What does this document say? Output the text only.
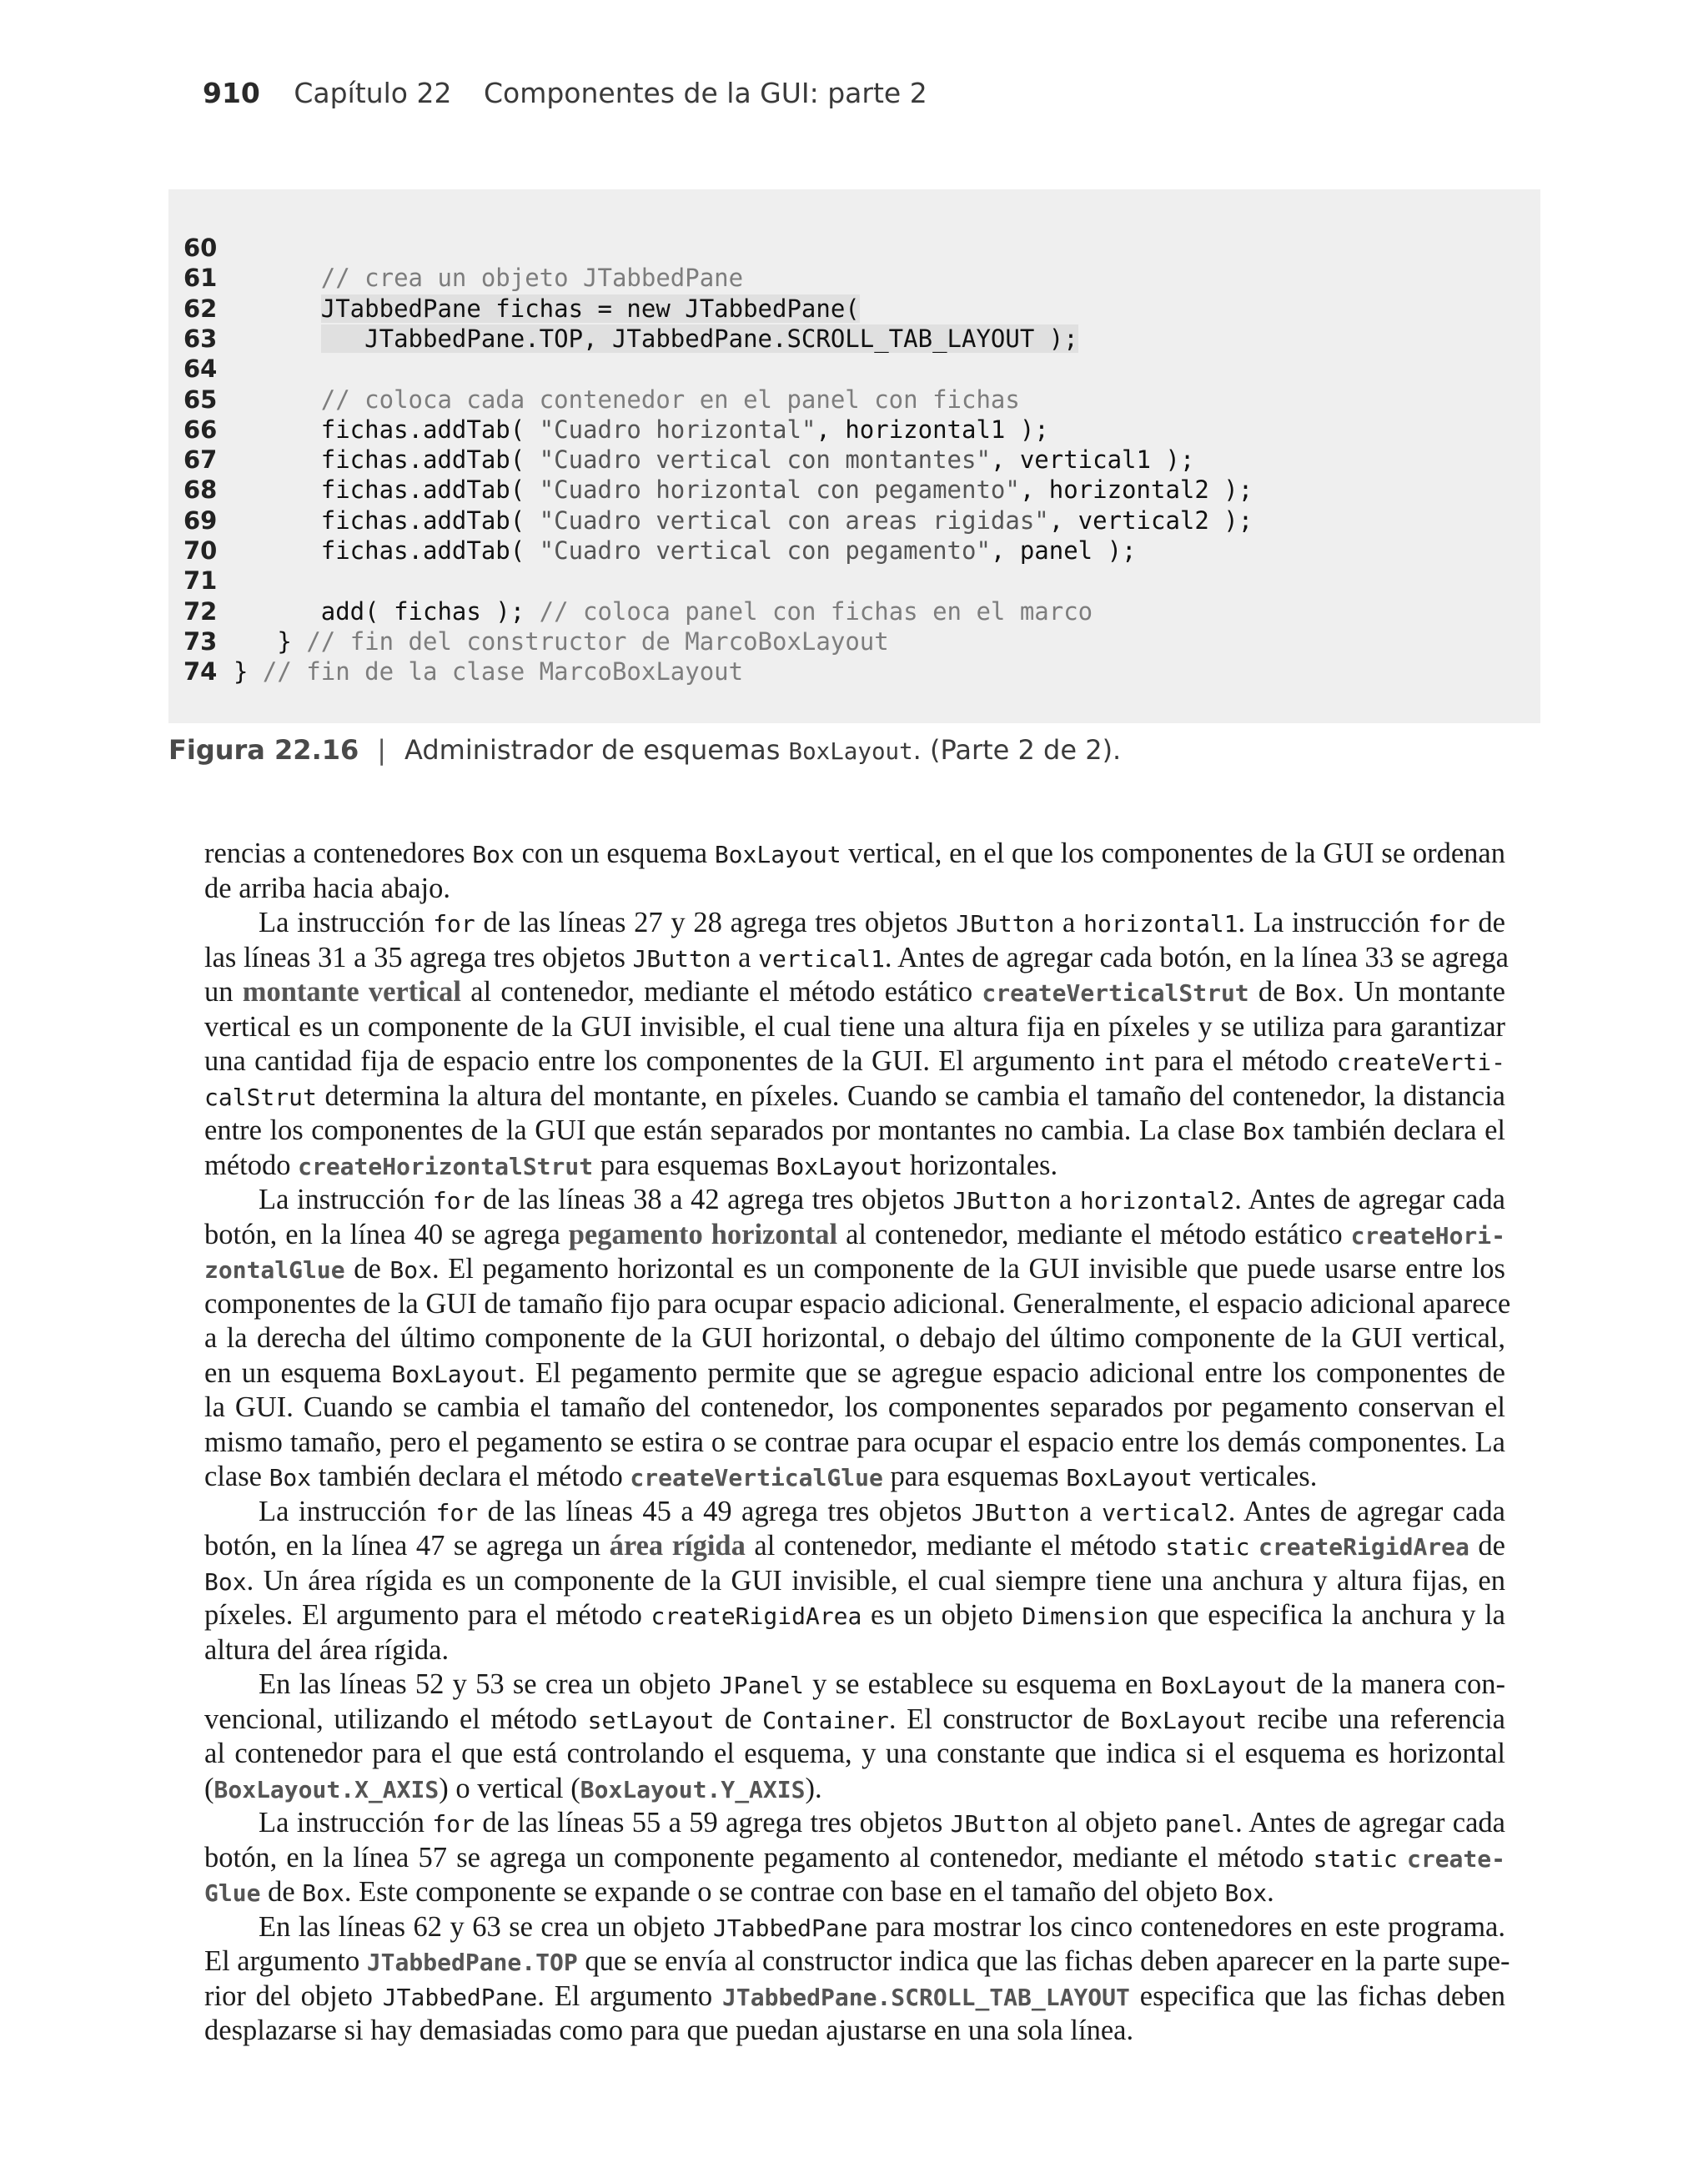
910 Capítulo 22 Componentes de la GUI: parte 2
60
61	// crea un objeto JTabbedPane
62	JTabbedPane fichas = new JTabbedPane(
63	JTabbedPane.TOP, JTabbedPane.SCROLL_TAB_LAYOUT );
64
65	// coloca cada contenedor en el panel con fichas
66	fichas.addTab( "Cuadro horizontal", horizontal1 );
67	fichas.addTab( "Cuadro vertical con montantes", vertical1 );
68	fichas.addTab( "Cuadro horizontal con pegamento", horizontal2 );
69	fichas.addTab( "Cuadro vertical con areas rigidas", vertical2 );
70	fichas.addTab( "Cuadro vertical con pegamento", panel );
71
72	add( fichas ); // coloca panel con fichas en el marco
73 } // fin del constructor de MarcoBoxLayout
74 } // fin de la clase MarcoBoxLayout
Figura 22.16 | Administrador de esquemas BoxLayout. (Parte 2 de 2).
rencias a contenedores Box con un esquema BoxLayout vertical, en el que los componentes de la GUI se ordenan
de arriba hacia abajo.
La instrucción for de las líneas 27 y 28 agrega tres objetos JButton a horizontal1. La instrucción for de
las líneas 31 a 35 agrega tres objetos JButton a vertical1. Antes de agregar cada botón, en la línea 33 se agrega
un montante vertical al contenedor, mediante el método estático createVerticalStrut de Box. Un montante
vertical es un componente de la GUI invisible, el cual tiene una altura fija en píxeles y se utiliza para garantizar
una cantidad fija de espacio entre los componentes de la GUI. El argumento int para el método createVerti-
calStrut determina la altura del montante, en píxeles. Cuando se cambia el tamaño del contenedor, la distancia
entre los componentes de la GUI que están separados por montantes no cambia. La clase Box también declara el
método createHorizontalStrut para esquemas BoxLayout horizontales.
La instrucción for de las líneas 38 a 42 agrega tres objetos JButton a horizontal2. Antes de agregar cada
botón, en la línea 40 se agrega pegamento horizontal al contenedor, mediante el método estático createHori-
zontalGlue de Box. El pegamento horizontal es un componente de la GUI invisible que puede usarse entre los
componentes de la GUI de tamaño fijo para ocupar espacio adicional. Generalmente, el espacio adicional aparece
a la derecha del último componente de la GUI horizontal, o debajo del último componente de la GUI vertical,
en un esquema BoxLayout. El pegamento permite que se agregue espacio adicional entre los componentes de
la GUI. Cuando se cambia el tamaño del contenedor, los componentes separados por pegamento conservan el
mismo tamaño, pero el pegamento se estira o se contrae para ocupar el espacio entre los demás componentes. La
clase Box también declara el método createVerticalGlue para esquemas BoxLayout verticales.
La instrucción for de las líneas 45 a 49 agrega tres objetos JButton a vertical2. Antes de agregar cada
botón, en la línea 47 se agrega un área rígida al contenedor, mediante el método static createRigidArea de
Box. Un área rígida es un componente de la GUI invisible, el cual siempre tiene una anchura y altura fijas, en
píxeles. El argumento para el método createRigidArea es un objeto Dimension que especifica la anchura y la
altura del área rígida.
En las líneas 52 y 53 se crea un objeto JPanel y se establece su esquema en BoxLayout de la manera con-
vencional, utilizando el método setLayout de Container. El constructor de BoxLayout recibe una referencia
al contenedor para el que está controlando el esquema, y una constante que indica si el esquema es horizontal
(BoxLayout.X_AXIS) o vertical (BoxLayout.Y_AXIS).
La instrucción for de las líneas 55 a 59 agrega tres objetos JButton al objeto panel. Antes de agregar cada
botón, en la línea 57 se agrega un componente pegamento al contenedor, mediante el método static create-
Glue de Box. Este componente se expande o se contrae con base en el tamaño del objeto Box.
En las líneas 62 y 63 se crea un objeto JTabbedPane para mostrar los cinco contenedores en este programa.
El argumento JTabbedPane.TOP que se envía al constructor indica que las fichas deben aparecer en la parte supe-
rior del objeto JTabbedPane. El argumento JTabbedPane.SCROLL_TAB_LAYOUT especifica que las fichas deben
desplazarse si hay demasiadas como para que puedan ajustarse en una sola línea.
